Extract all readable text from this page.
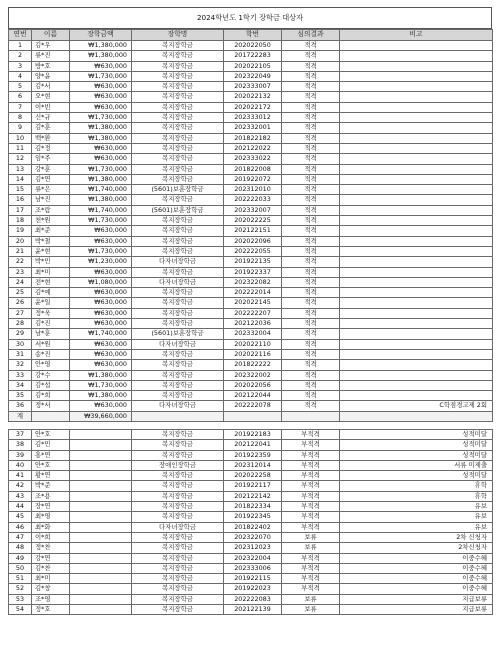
2024학년도 1학기 장학금 대상자
연번	이름	장학금액	장학명	학번	심의결과	비고
1	김*우	₩1,380,000	복지장학금	202022050	적격	
2	류*진	₩1,380,000	복지장학금	201722283	적격	
3	방*호	₩630,000	복지장학금	202022105	적격	
4	양*윤	₩1,730,000	복지장학금	202322049	적격	
5	김*서	₩630,000	복지장학금	202333007	적격	
6	오*현	₩630,000	복지장학금	202022132	적격	
7	이*빈	₩630,000	복지장학금	202022172	적격	
8	신*규	₩1,730,000	복지장학금	202333012	적격	
9	김*훈	₩1,380,000	복지장학금	202332001	적격	
10	백*환	₩1,380,000	복지장학금	201822182	적격	
11	김*정	₩630,000	복지장학금	202122022	적격	
12	임*주	₩630,000	복지장학금	202333022	적격	
13	강*훈	₩1,730,000	복지장학금	201822008	적격	
14	김*연	₩1,380,000	복지장학금	201922072	적격	
15	류*은	₩1,740,000	(5601)보훈장학금	202312010	적격	
16	남*진	₩1,380,000	복지장학금	202222033	적격	
17	조*람	₩1,740,000	(5601)보훈장학금	202332007	적격	
18	천*원	₩1,730,000	복지장학금	202022225	적격	
19	최*준	₩630,000	복지장학금	202122151	적격	
20	박*철	₩630,000	복지장학금	202022096	적격	
21	윤*현	₩1,730,000	복지장학금	202222055	적격	
22	박*민	₩1,230,000	다자녀장학금	201922135	적격	
23	최*미	₩630,000	복지장학금	201922337	적격	
24	전*현	₩1,080,000	다자녀장학금	202322082	적격	
25	김*예	₩630,000	복지장학금	202222014	적격	
26	윤*일	₩630,000	복지장학금	202022145	적격	
27	정*욱	₩630,000	복지장학금	202222207	적격	
28	김*진	₩630,000	복지장학금	202122036	적격	
29	남*훈	₩1,740,000	(5601)보훈장학금	202332004	적격	
30	서*원	₩630,000	다자녀장학금	202022110	적격	
31	송*진	₩630,000	복지장학금	202022116	적격	
32	안*영	₩630,000	복지장학금	201822222	적격	
33	강*수	₩1,380,000	복지장학금	202322002	적격	
34	김*섭	₩1,730,000	복지장학금	202022056	적격	
35	김*희	₩1,380,000	복지장학금	202122044	적격	
36	정*서	₩630,000	다자녀장학금	202222078	적격	C학점경고제 2회
계		₩39,660,000				
37	안*호		복지장학금	201922183	부적격	성적미달
38	김*민		복지장학금	202122041	부적격	성적미달
39	홍*연		복지장학금	201922359	부적격	성적미달
40	안*호		장애인장학금	202312014	부적격	서류 미제출
41	황*연		복지장학금	202022258	부적격	성적미달
42	박*준		복지장학금	201922117	부적격	휴학
43	조*용		복지장학금	202122142	부적격	휴학
44	장*연		복지장학금	201822334	부적격	유보
45	최*영		복지장학금	201922345	부적격	유보
46	최*화		다자녀장학금	201822402	부적격	유보
47	이*희		복지장학금	202322070	보류	2차 신청자
48	정*찬		복지장학금	202312023	보류	2차신청자
49	강*연		복지장학금	202322004	부적격	이중수혜
50	김*찬		복지장학금	202333006	부적격	이중수혜
51	최*미		복지장학금	201922115	부적격	이중수혜
52	김*창		복지장학금	201922023	부적격	이중수혜
53	조*영		복지장학금	202222083	보류	지급보류
54	정*호		복지장학금	202122139	보류	지급보류
